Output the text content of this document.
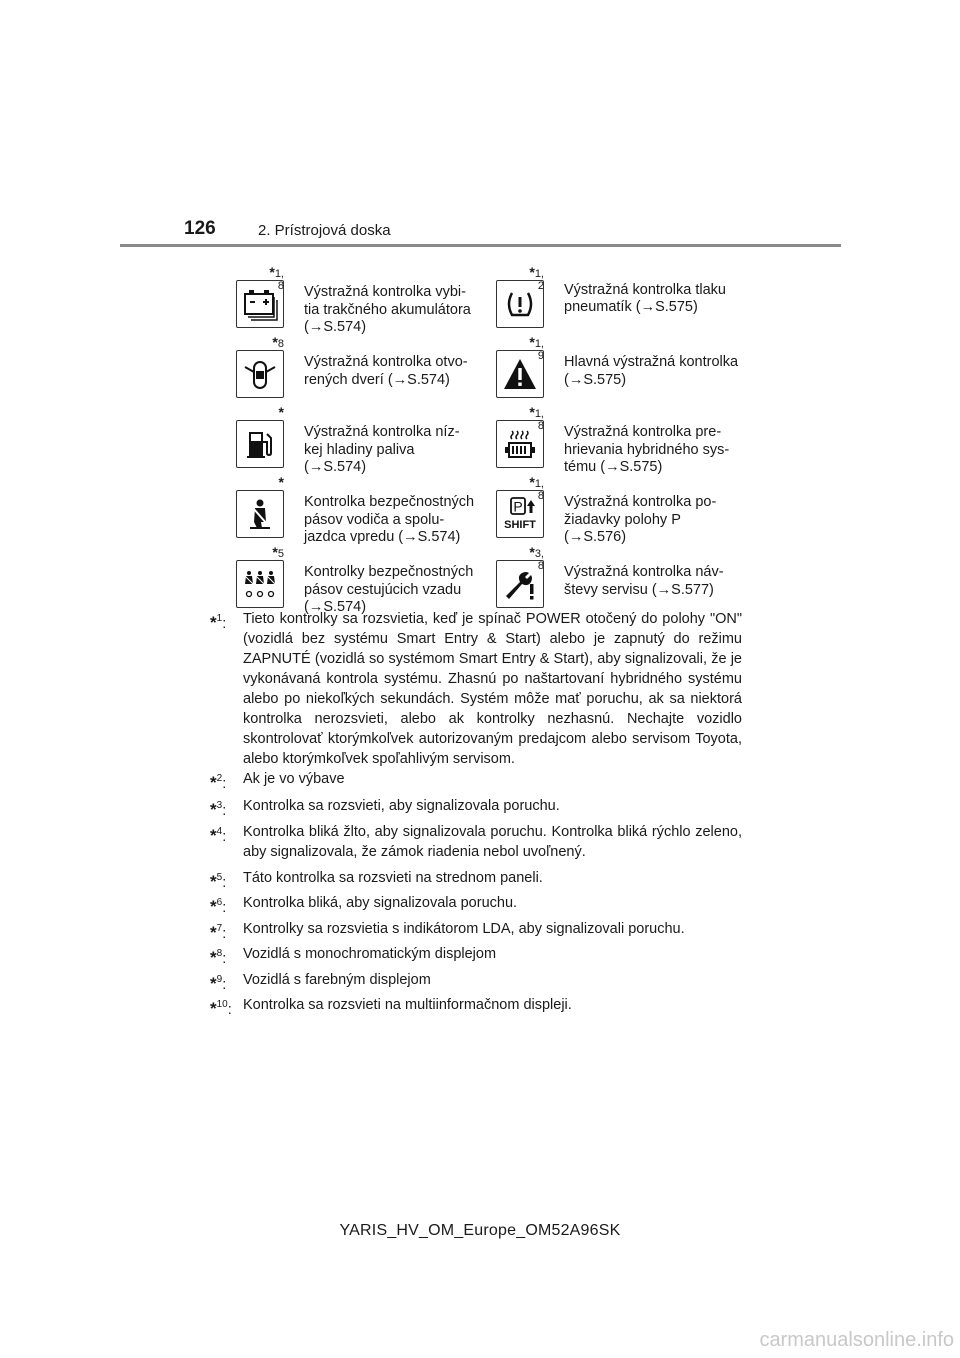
126	2. Prístrojová doska
*1, 8 Výstražná kontrolka vybi-
tia trakčného akumulátora
(→S.574)
*1, 2 Výstražná kontrolka tlaku
pneumatík (→S.575)
*8
Výstražná kontrolka otvo-
rených dverí (→S.574)
*1, 9 Hlavná výstražná kontrolka
(→S.575)
*
Výstražná kontrolka níz-
kej hladiny paliva
(→S.574)
*1, 8 Výstražná kontrolka pre-
hrievania hybridného sys-
tému (→S.575)
*
Kontrolka bezpečnostných
pásov vodiča a spolu-
jazdca vpredu (→S.574)
*1, 8
P
SHIFT
Výstražná kontrolka po-
žiadavky polohy P
(→S.576)
*5
Kontrolky bezpečnostných
pásov cestujúcich vzadu
(→S.574)
*3, 8 Výstražná kontrolka náv-
števy servisu (→S.577)
*$^1$:	Tieto kontrolky sa rozsvietia, keď je spínač POWER otočený do polohy "ON" (vozidlá bez systému Smart Entry & Start) alebo je zapnutý do režimu ZAPNUTÉ (vozidlá so systémom Smart Entry & Start), aby signalizovali, že je vykonávaná kontrola systému. Zhasnú po naštartovaní hybridného systému alebo po niekoľkých sekundách. Systém môže mať poruchu, ak sa niektorá kontrolka nerozsvieti, alebo ak kontrolky nezhasnú. Nechajte vozidlo skontrolovať ktorýmkoľvek autorizovaným predajcom alebo servisom Toyota, alebo ktorýmkoľvek spoľahlivým servisom.
*$^2$:	Ak je vo výbave
*$^3$:	Kontrolka sa rozsvieti, aby signalizovala poruchu.
*$^4$:	Kontrolka bliká žlto, aby signalizovala poruchu. Kontrolka bliká rýchlo zeleno, aby signalizovala, že zámok riadenia nebol uvoľnený.
*$^5$:	Táto kontrolka sa rozsvieti na strednom paneli.
*$^6$:	Kontrolka bliká, aby signalizovala poruchu.
*$^7$:	Kontrolky sa rozsvietia s indikátorom LDA, aby signalizovali poruchu.
*$^8$:	Vozidlá s monochromatickým displejom
*$^9$:	Vozidlá s farebným displejom
*$^{10}$: Kontrolka sa rozsvieti na multiinformačnom displeji.
YARIS_HV_OM_Europe_OM52A96SK
carmanualsonline.info
